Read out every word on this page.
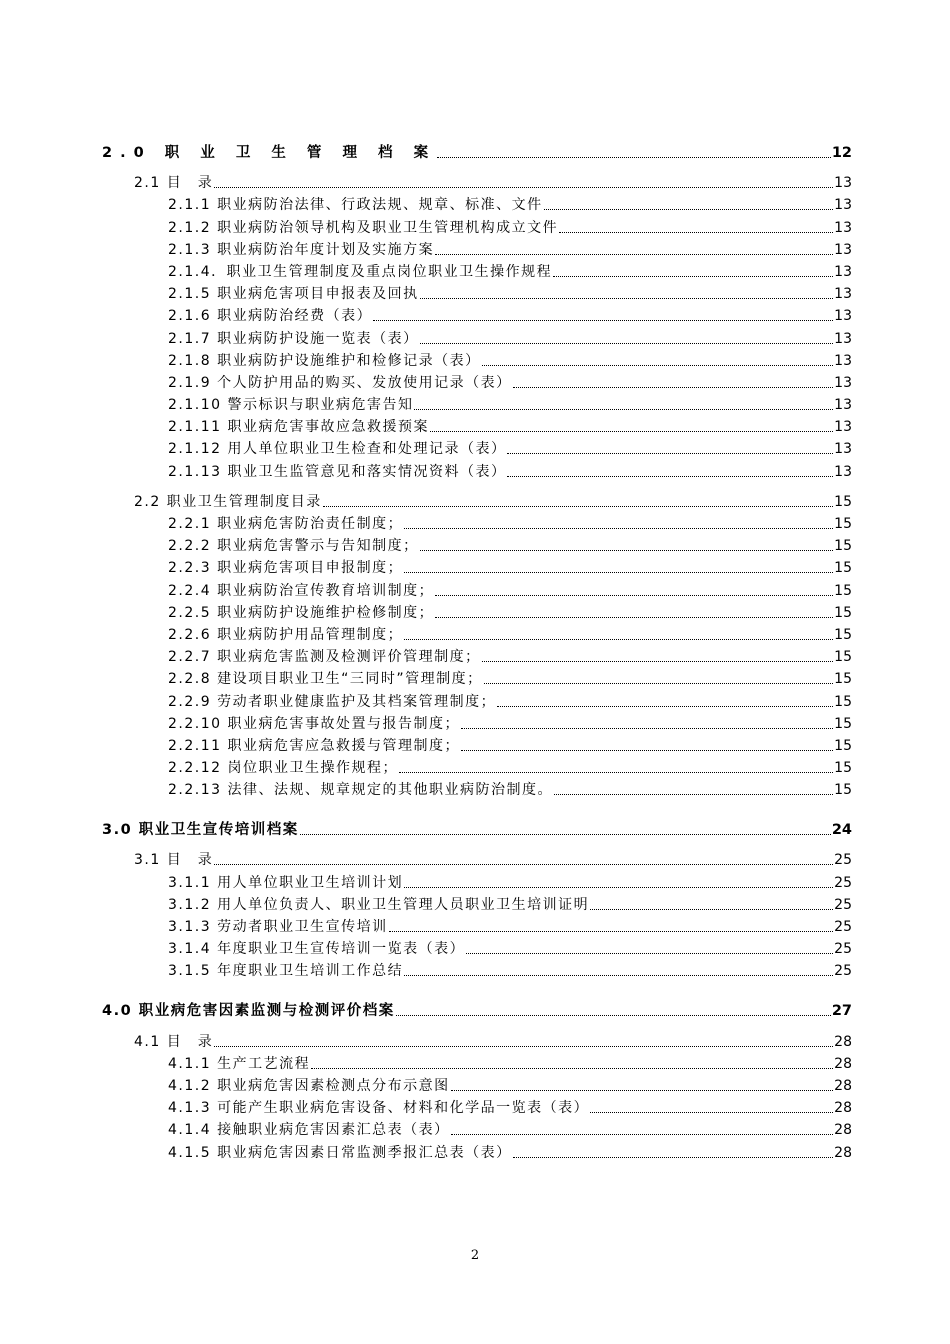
2.0 职 业 卫 生 管 理 档 案	12
2.1 目　录	13
2.1.1 职业病防治法律、行政法规、规章、标准、文件	13
2.1.2 职业病防治领导机构及职业卫生管理机构成立文件	13
2.1.3 职业病防治年度计划及实施方案	13
2.1.4．职业卫生管理制度及重点岗位职业卫生操作规程	13
2.1.5 职业病危害项目申报表及回执	13
2.1.6 职业病防治经费（表）	13
2.1.7 职业病防护设施一览表（表）	13
2.1.8 职业病防护设施维护和检修记录（表）	13
2.1.9 个人防护用品的购买、发放使用记录（表）	13
2.1.10 警示标识与职业病危害告知	13
2.1.11 职业病危害事故应急救援预案	13
2.1.12 用人单位职业卫生检查和处理记录（表）	13
2.1.13 职业卫生监管意见和落实情况资料（表）	13
2.2 职业卫生管理制度目录	15
2.2.1 职业病危害防治责任制度；	15
2.2.2 职业病危害警示与告知制度；	15
2.2.3 职业病危害项目申报制度；	15
2.2.4 职业病防治宣传教育培训制度；	15
2.2.5 职业病防护设施维护检修制度；	15
2.2.6 职业病防护用品管理制度；	15
2.2.7 职业病危害监测及检测评价管理制度；	15
2.2.8 建设项目职业卫生“三同时”管理制度；	15
2.2.9 劳动者职业健康监护及其档案管理制度；	15
2.2.10 职业病危害事故处置与报告制度；	15
2.2.11 职业病危害应急救援与管理制度；	15
2.2.12 岗位职业卫生操作规程；	15
2.2.13 法律、法规、规章规定的其他职业病防治制度。	15
3.0 职业卫生宣传培训档案	24
3.1 目　录	25
3.1.1 用人单位职业卫生培训计划	25
3.1.2 用人单位负责人、职业卫生管理人员职业卫生培训证明	25
3.1.3 劳动者职业卫生宣传培训	25
3.1.4 年度职业卫生宣传培训一览表（表）	25
3.1.5 年度职业卫生培训工作总结	25
4.0 职业病危害因素监测与检测评价档案	27
4.1 目　录	28
4.1.1 生产工艺流程	28
4.1.2 职业病危害因素检测点分布示意图	28
4.1.3 可能产生职业病危害设备、材料和化学品一览表（表）	28
4.1.4 接触职业病危害因素汇总表（表）	28
4.1.5 职业病危害因素日常监测季报汇总表（表）	28
2
